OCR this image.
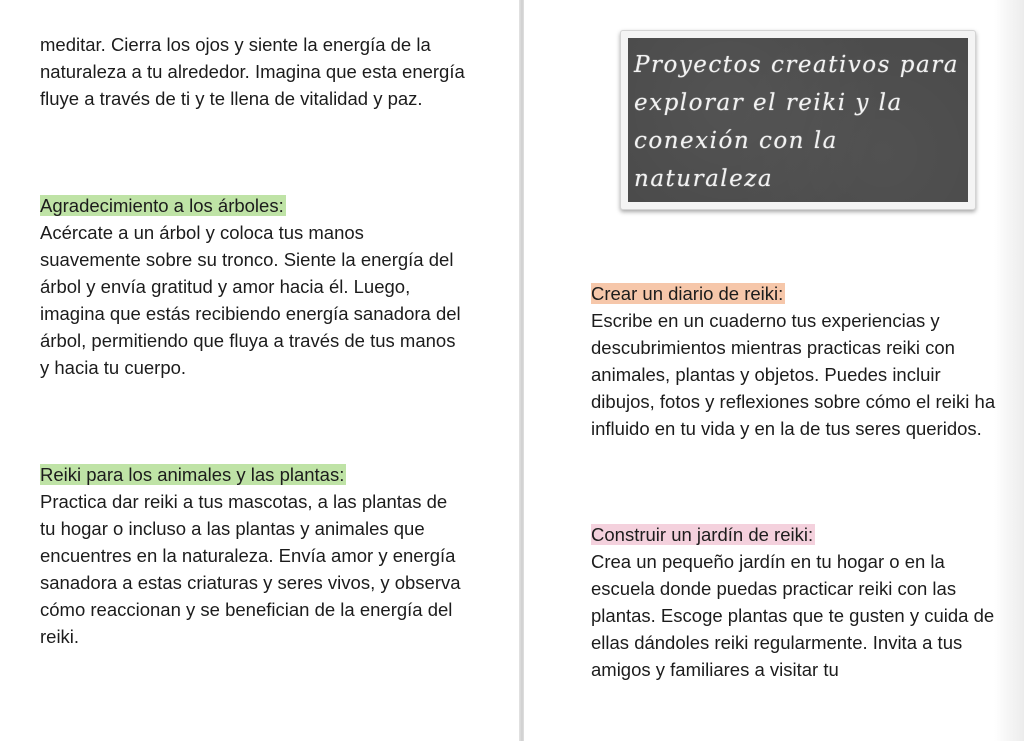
meditar. Cierra los ojos y siente la energía de la naturaleza a tu alrededor. Imagina que esta energía fluye a través de ti y te llena de vitalidad y paz.

Agradecimiento a los árboles:

Acércate a un árbol y coloca tus manos suavemente sobre su tronco. Siente la energía del árbol y envía gratitud y amor hacia él. Luego, imagina que estás recibiendo energía sanadora del árbol, permitiendo que fluya a través de tus manos y hacia tu cuerpo.

Reiki para los animales y las plantas:

Practica dar reiki a tus mascotas, a las plantas de tu hogar o incluso a las plantas y animales que encuentres en la naturaleza. Envía amor y energía sanadora a estas criaturas y seres vivos, y observa cómo reaccionan y se benefician de la energía del reiki.

Proyectos creativos para explorar el reiki y la conexión con la naturaleza

Crear un diario de reiki:

Escribe en un cuaderno tus experiencias y descubrimientos mientras practicas reiki con animales, plantas y objetos. Puedes incluir dibujos, fotos y reflexiones sobre cómo el reiki ha influido en tu vida y en la de tus seres queridos.

Construir un jardín de reiki:

Crea un pequeño jardín en tu hogar o en la escuela donde puedas practicar reiki con las plantas. Escoge plantas que te gusten y cuida de ellas dándoles reiki regularmente. Invita a tus amigos y familiares a visitar tu
